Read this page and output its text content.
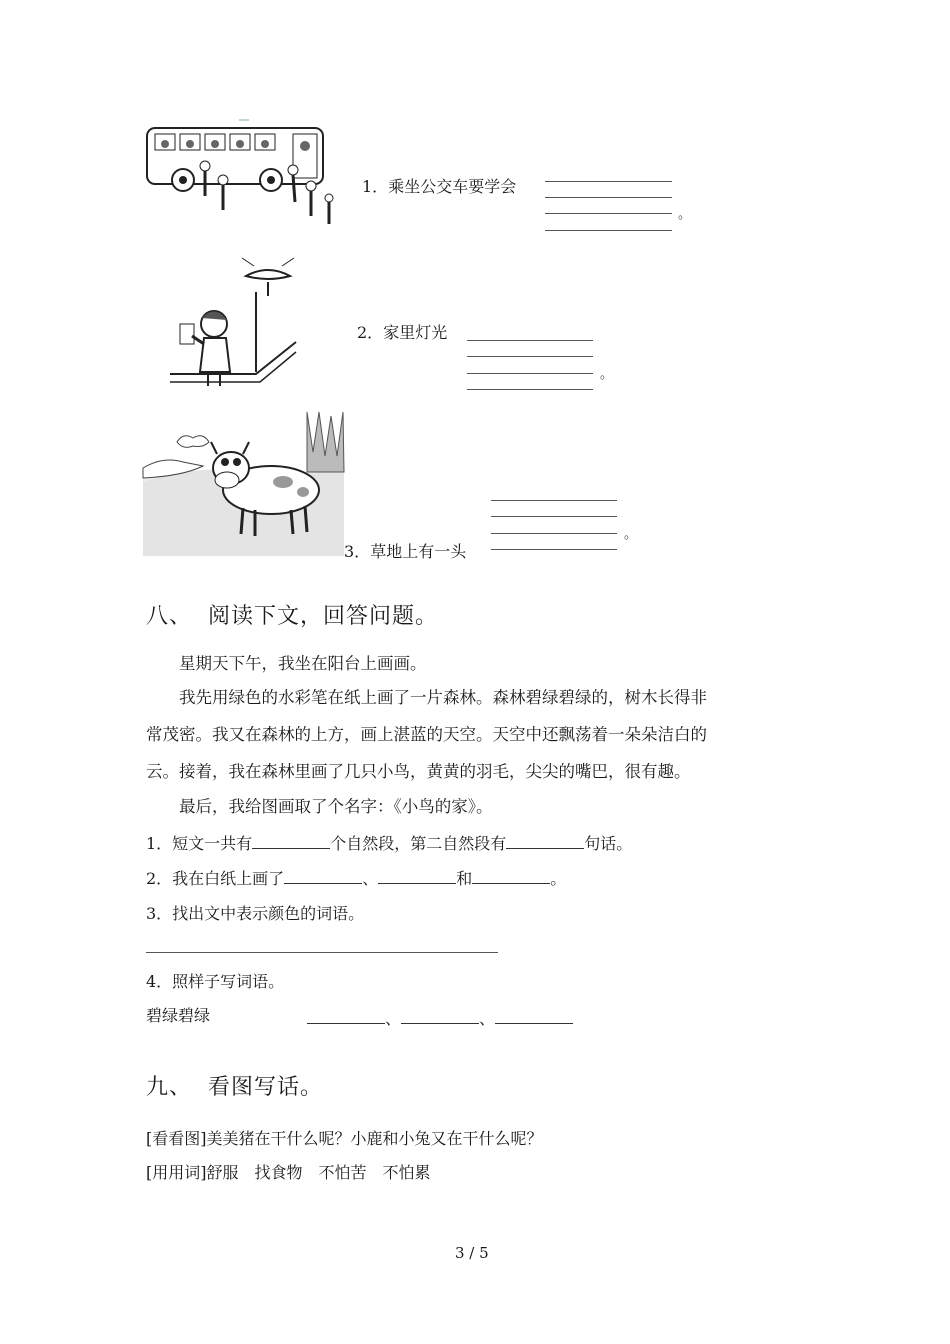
1．乘坐公交车要学会
。
2．家里灯光
。
3．草地上有一头
。
八、 阅读下文，回答问题。
星期天下午，我坐在阳台上画画。
我先用绿色的水彩笔在纸上画了一片森林。森林碧绿碧绿的，树木长得非
常茂密。我又在森林的上方，画上湛蓝的天空。天空中还飘荡着一朵朵洁白的
云。接着，我在森林里画了几只小鸟，黄黄的羽毛，尖尖的嘴巴，很有趣。
最后，我给图画取了个名字：《小鸟的家》。
1．短文一共有	个自然段，第二自然段有	句话。
2．我在白纸上画了	、	和	。
3．找出文中表示颜色的词语。
4．照样子写词语。
碧绿碧绿	、	、
九、 看图写话。
[看看图]美美猪在干什么呢？小鹿和小兔又在干什么呢？
[用用词]舒服　找食物　不怕苦　不怕累
3 / 5
